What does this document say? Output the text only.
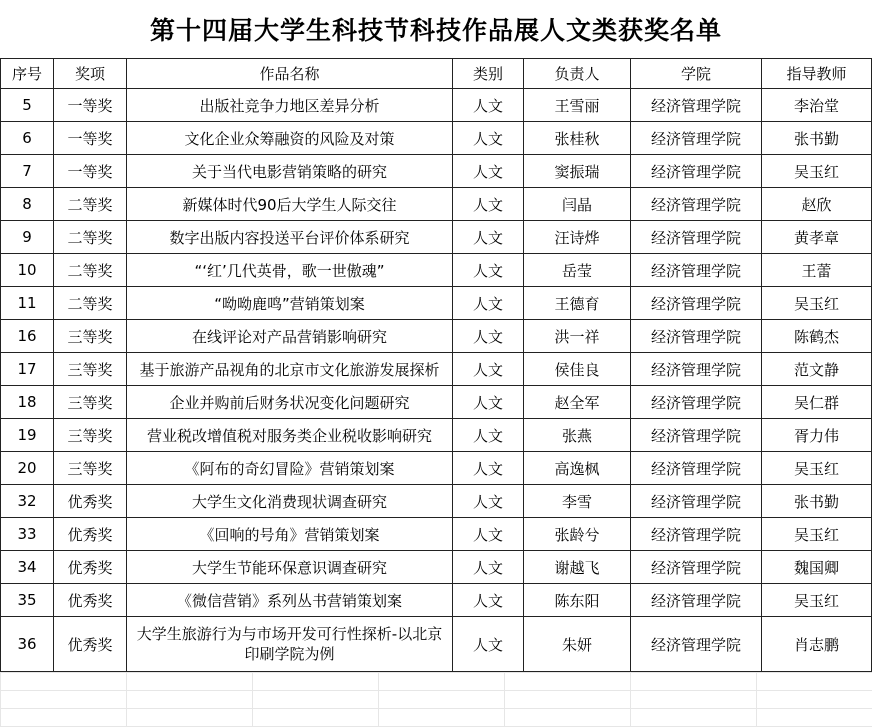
第十四届大学生科技节科技作品展人文类获奖名单
序号	奖项	作品名称	类别	负责人	学院	指导教师
5	一等奖	出版社竞争力地区差异分析	人文	王雪丽	经济管理学院	李治堂
6	一等奖	文化企业众筹融资的风险及对策	人文	张桂秋	经济管理学院	张书勤
7	一等奖	关于当代电影营销策略的研究	人文	窦振瑞	经济管理学院	吴玉红
8	二等奖	新媒体时代90后大学生人际交往	人文	闫晶	经济管理学院	赵欣
9	二等奖	数字出版内容投送平台评价体系研究	人文	汪诗烨	经济管理学院	黄孝章
10	二等奖	“‘红’几代英骨，歌一世傲魂”	人文	岳莹	经济管理学院	王蕾
11	二等奖	“呦呦鹿鸣”营销策划案	人文	王德育	经济管理学院	吴玉红
16	三等奖	在线评论对产品营销影响研究	人文	洪一祥	经济管理学院	陈鹤杰
17	三等奖	基于旅游产品视角的北京市文化旅游发展探析	人文	侯佳良	经济管理学院	范文静
18	三等奖	企业并购前后财务状况变化问题研究	人文	赵全军	经济管理学院	吴仁群
19	三等奖	营业税改增值税对服务类企业税收影响研究	人文	张燕	经济管理学院	胥力伟
20	三等奖	《阿布的奇幻冒险》营销策划案	人文	高逸枫	经济管理学院	吴玉红
32	优秀奖	大学生文化消费现状调查研究	人文	李雪	经济管理学院	张书勤
33	优秀奖	《回响的号角》营销策划案	人文	张龄兮	经济管理学院	吴玉红
34	优秀奖	大学生节能环保意识调查研究	人文	谢越飞	经济管理学院	魏国卿
35	优秀奖	《微信营销》系列丛书营销策划案	人文	陈东阳	经济管理学院	吴玉红
36	优秀奖	大学生旅游行为与市场开发可行性探析-以北京印刷学院为例	人文	朱妍	经济管理学院	肖志鹏
